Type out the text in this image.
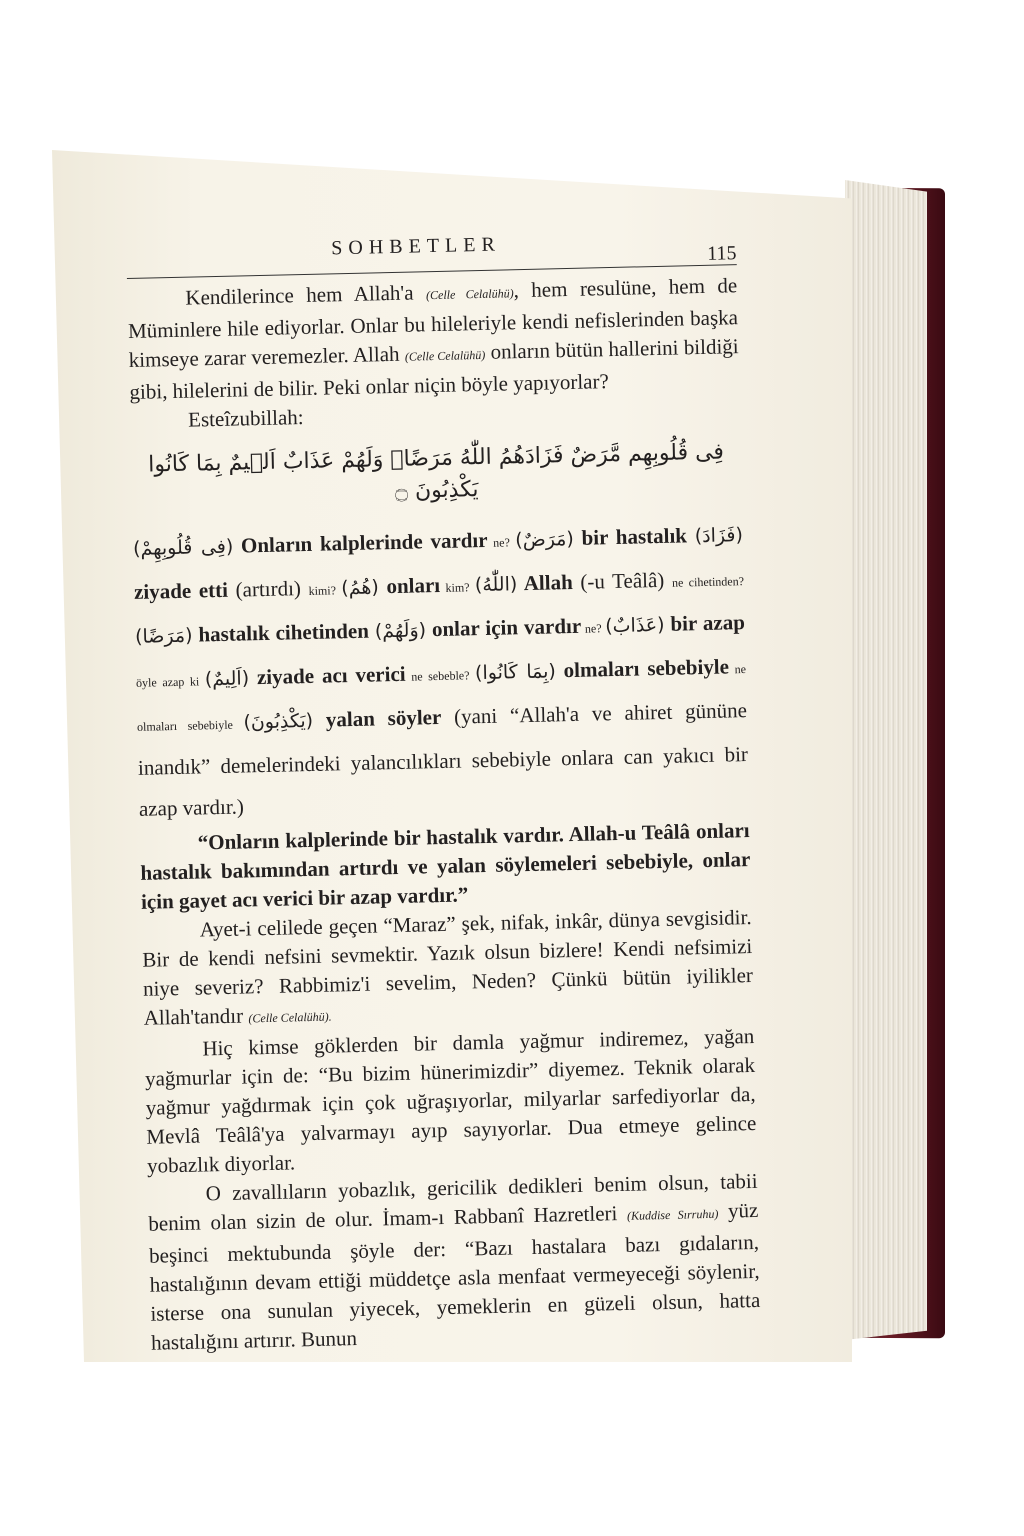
SOHBETLER	115

Kendilerince hem Allah'a (Celle Celalühü), hem resulüne, hem de Müminlere hile ediyorlar. Onlar bu hileleriyle kendi nefislerinden başka kimseye zarar veremezler. Allah (Celle Celalühü) onların bütün hallerini bildiği gibi, hilelerini de bilir. Peki onlar niçin böyle yapıyorlar?

Esteîzubillah:

فِى قُلُوبِهِم مَّرَضٌ فَزَادَهُمُ اللّٰهُ مَرَضًاۚ وَلَهُمْ عَذَابٌ اَل۪يمٌ بِمَا كَانُوا يَكْذِبُونَ ۝

(فِى قُلُوبِهِمْ) Onların kalplerinde vardır ne? (مَرَضٌ) bir hastalık (فَزَادَ) ziyade etti (artırdı) kimi? (هُمُ) onları kim? (اللّٰهُ) Allah (-u Teâlâ) ne cihetinden? (مَرَضًا) hastalık cihetinden (وَلَهُمْ) onlar için vardır ne? (عَذَابٌ) bir azap öyle azap ki (اَلِيمٌ) ziyade acı verici ne sebeble? (بِمَا كَانُوا) olmaları sebebiyle ne olmaları sebebiyle (يَكْذِبُونَ) yalan söyler (yani “Allah'a ve ahiret gününe inandık” demelerindeki yalancılıkları sebebiyle onlara can yakıcı bir azap vardır.)

“Onların kalplerinde bir hastalık vardır. Allah-u Teâlâ onları hastalık bakımından artırdı ve yalan söylemeleri sebebiyle, onlar için gayet acı verici bir azap vardır.”

Ayet-i celilede geçen “Maraz” şek, nifak, inkâr, dünya sevgisidir. Bir de kendi nefsini sevmektir. Yazık olsun bizlere! Kendi nefsimizi niye severiz? Rabbimiz'i sevelim, Neden? Çünkü bütün iyilikler Allah'tandır (Celle Celalühü).

Hiç kimse göklerden bir damla yağmur indiremez, yağan yağmurlar için de: “Bu bizim hünerimizdir” diyemez. Teknik olarak yağmur yağdırmak için çok uğraşıyorlar, milyarlar sarfediyorlar da, Mevlâ Teâlâ'ya yalvarmayı ayıp sayıyorlar. Dua etmeye gelince yobazlık diyorlar.

O zavallıların yobazlık, gericilik dedikleri benim olsun, tabii benim olan sizin de olur. İmam-ı Rabbanî Hazretleri (Kuddise Sırruhu) yüz beşinci mektubunda şöyle der: “Bazı hastalara bazı gıdaların, hastalığının devam ettiği müddetçe asla menfaat vermeyeceği söylenir, isterse ona sunulan yiyecek, yemeklerin en güzeli olsun, hatta hastalığını artırır. Bunun
